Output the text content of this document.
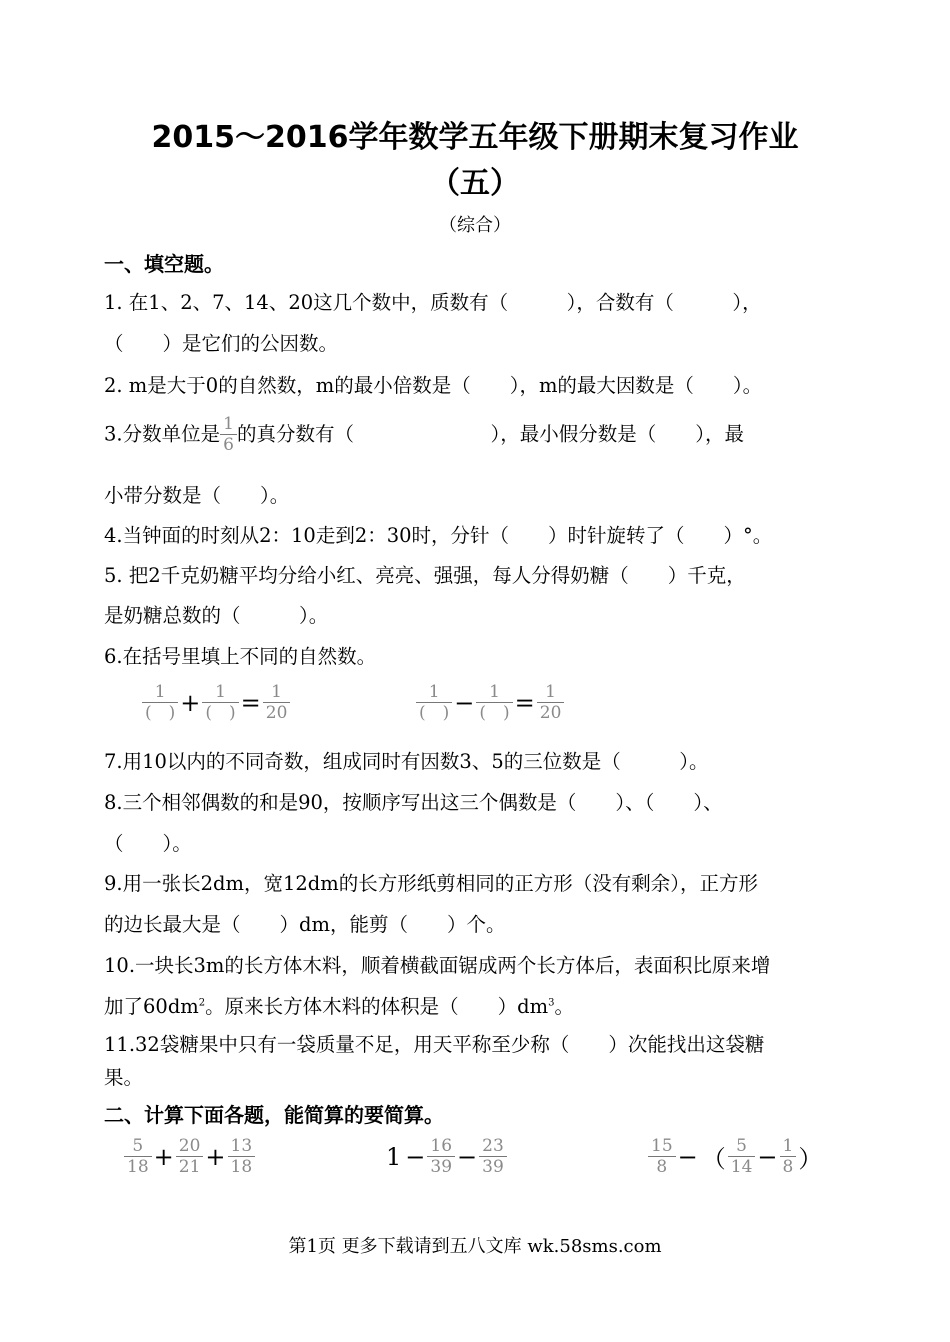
2015～2016学年数学五年级下册期末复习作业
（五）
（综合）
一、填空题。
1. 在1、2、7、14、20这几个数中，质数有（　　　），合数有（　　　），
（　　）是它们的公因数。
2. m是大于0的自然数，m的最小倍数是（　　），m的最大因数是（　　）。
3.分数单位是 $\frac{1}{6}$ 的真分数有（　　　　　　　），最小假分数是（　　），最
小带分数是（　　）。
4.当钟面的时刻从2：10走到2：30时，分针（　　）时针旋转了（　　）°。
5. 把2千克奶糖平均分给小红、亮亮、强强，每人分得奶糖（　　）千克，
是奶糖总数的（　　　）。
6.在括号里填上不同的自然数。
$\frac{1}{( )} + \frac{1}{( )} = \frac{1}{20}$	$\frac{1}{( )} - \frac{1}{( )} = \frac{1}{20}$
7.用10以内的不同奇数，组成同时有因数3、5的三位数是（　　　）。
8.三个相邻偶数的和是90，按顺序写出这三个偶数是（　　）、（　　）、
（　　）。
9.用一张长2dm，宽12dm的长方形纸剪相同的正方形（没有剩余），正方形
的边长最大是（　　）dm，能剪（　　）个。
10.一块长3m的长方体木料，顺着横截面锯成两个长方体后，表面积比原来增
加了$60dm^2$。原来长方体木料的体积是（　　）$dm^3$。
11.32袋糖果中只有一袋质量不足，用天平称至少称（　　）次能找出这袋糖
果。
二、计算下面各题，能简算的要简算。
$\frac{5}{18} + \frac{20}{21} + \frac{13}{18}$	$1 - \frac{16}{39} - \frac{23}{39}$	$\frac{15}{8}$ − （ $\frac{5}{14} - \frac{1}{8}$ ）
第1页 更多下载请到五八文库 wk.58sms.com
